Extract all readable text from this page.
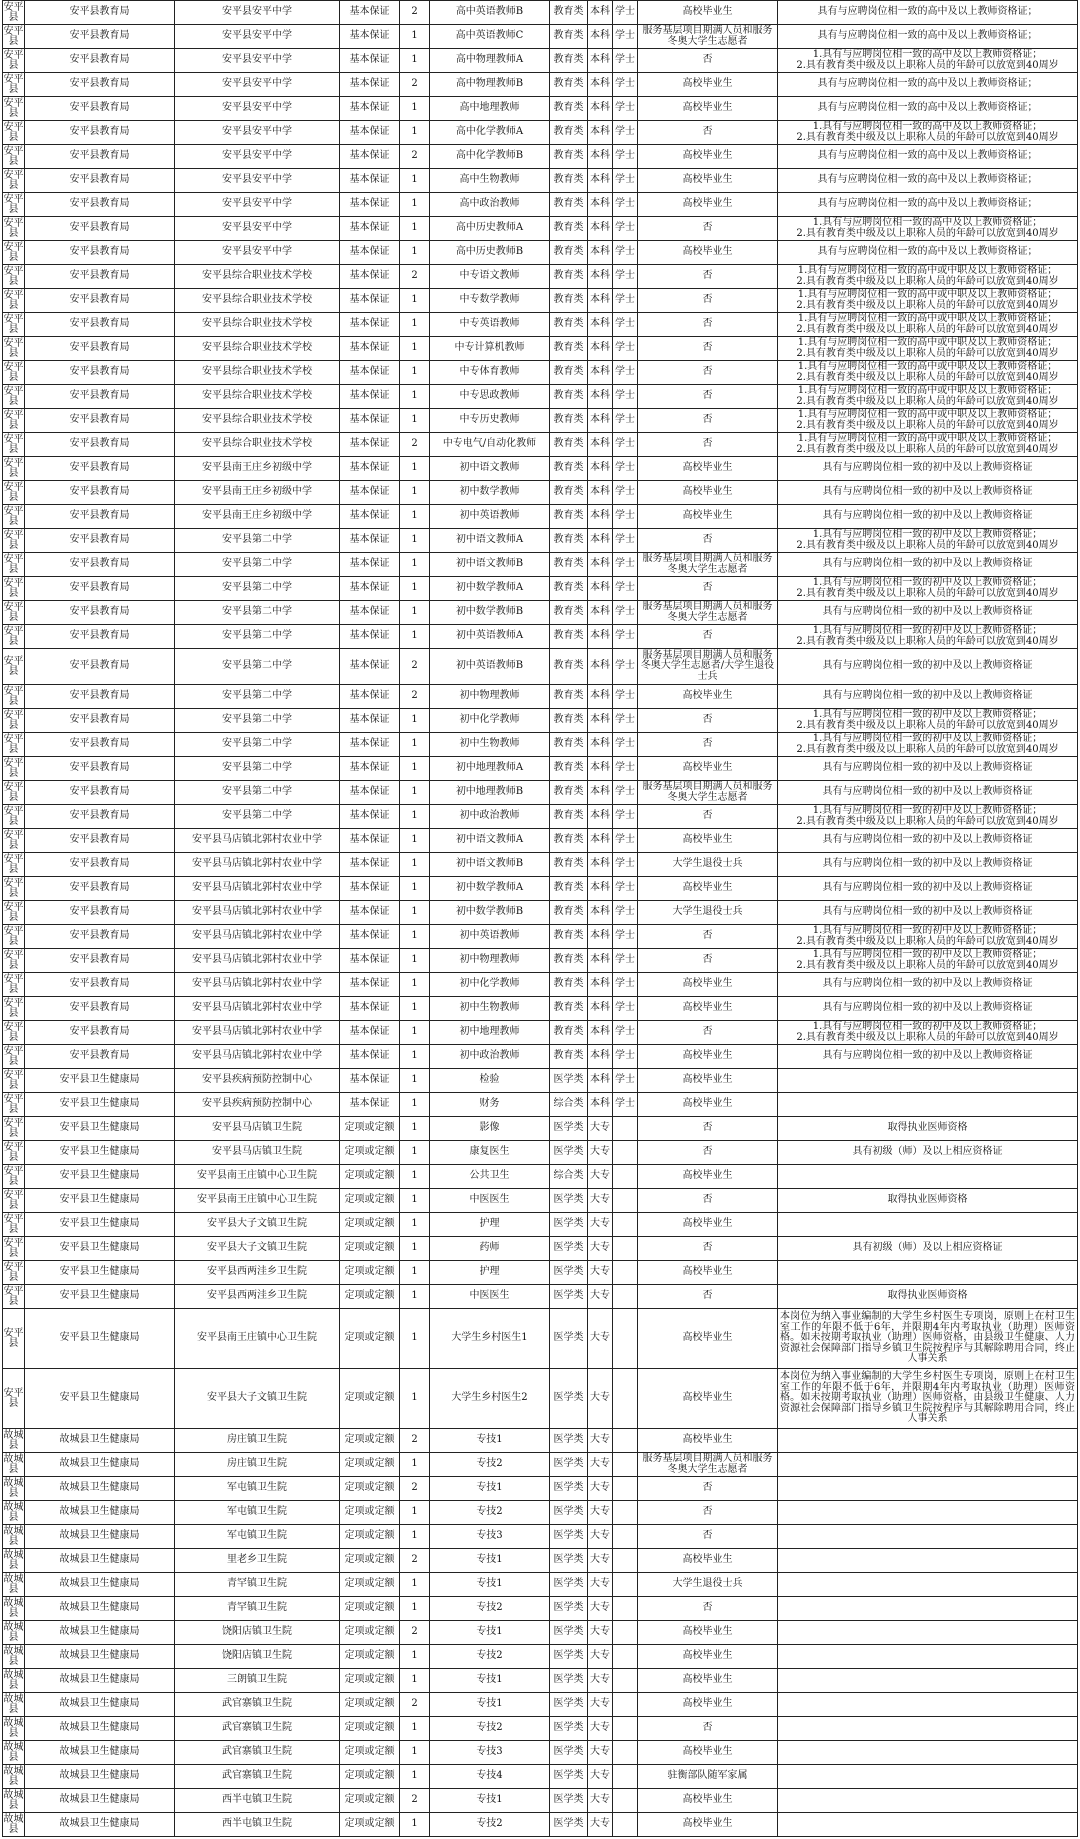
安平县	安平县教育局	安平县安平中学	基本保证	2	高中英语教师B	教育类	本科	学士	高校毕业生	具有与应聘岗位相一致的高中及以上教师资格证；
安平县	安平县教育局	安平县安平中学	基本保证	1	高中英语教师C	教育类	本科	学士	服务基层项目期满人员和服务冬奥大学生志愿者	具有与应聘岗位相一致的高中及以上教师资格证；
安平县	安平县教育局	安平县安平中学	基本保证	1	高中物理教师A	教育类	本科	学士	否	1.具有与应聘岗位相一致的高中及以上教师资格证；
2.具有教育类中级及以上职称人员的年龄可以放宽到40周岁
安平县	安平县教育局	安平县安平中学	基本保证	2	高中物理教师B	教育类	本科	学士	高校毕业生	具有与应聘岗位相一致的高中及以上教师资格证；
安平县	安平县教育局	安平县安平中学	基本保证	1	高中地理教师	教育类	本科	学士	高校毕业生	具有与应聘岗位相一致的高中及以上教师资格证；
安平县	安平县教育局	安平县安平中学	基本保证	1	高中化学教师A	教育类	本科	学士	否	1.具有与应聘岗位相一致的高中及以上教师资格证；
2.具有教育类中级及以上职称人员的年龄可以放宽到40周岁
安平县	安平县教育局	安平县安平中学	基本保证	2	高中化学教师B	教育类	本科	学士	高校毕业生	具有与应聘岗位相一致的高中及以上教师资格证；
安平县	安平县教育局	安平县安平中学	基本保证	1	高中生物教师	教育类	本科	学士	高校毕业生	具有与应聘岗位相一致的高中及以上教师资格证；
安平县	安平县教育局	安平县安平中学	基本保证	1	高中政治教师	教育类	本科	学士	高校毕业生	具有与应聘岗位相一致的高中及以上教师资格证；
安平县	安平县教育局	安平县安平中学	基本保证	1	高中历史教师A	教育类	本科	学士	否	1.具有与应聘岗位相一致的高中及以上教师资格证；
2.具有教育类中级及以上职称人员的年龄可以放宽到40周岁
安平县	安平县教育局	安平县安平中学	基本保证	1	高中历史教师B	教育类	本科	学士	高校毕业生	具有与应聘岗位相一致的高中及以上教师资格证；
安平县	安平县教育局	安平县综合职业技术学校	基本保证	2	中专语文教师	教育类	本科	学士	否	1.具有与应聘岗位相一致的高中或中职及以上教师资格证；
2.具有教育类中级及以上职称人员的年龄可以放宽到40周岁
安平县	安平县教育局	安平县综合职业技术学校	基本保证	1	中专数学教师	教育类	本科	学士	否	1.具有与应聘岗位相一致的高中或中职及以上教师资格证；
2.具有教育类中级及以上职称人员的年龄可以放宽到40周岁
安平县	安平县教育局	安平县综合职业技术学校	基本保证	1	中专英语教师	教育类	本科	学士	否	1.具有与应聘岗位相一致的高中或中职及以上教师资格证；
2.具有教育类中级及以上职称人员的年龄可以放宽到40周岁
安平县	安平县教育局	安平县综合职业技术学校	基本保证	1	中专计算机教师	教育类	本科	学士	否	1.具有与应聘岗位相一致的高中或中职及以上教师资格证；
2.具有教育类中级及以上职称人员的年龄可以放宽到40周岁
安平县	安平县教育局	安平县综合职业技术学校	基本保证	1	中专体育教师	教育类	本科	学士	否	1.具有与应聘岗位相一致的高中或中职及以上教师资格证；
2.具有教育类中级及以上职称人员的年龄可以放宽到40周岁
安平县	安平县教育局	安平县综合职业技术学校	基本保证	1	中专思政教师	教育类	本科	学士	否	1.具有与应聘岗位相一致的高中或中职及以上教师资格证；
2.具有教育类中级及以上职称人员的年龄可以放宽到40周岁
安平县	安平县教育局	安平县综合职业技术学校	基本保证	1	中专历史教师	教育类	本科	学士	否	1.具有与应聘岗位相一致的高中或中职及以上教师资格证；
2.具有教育类中级及以上职称人员的年龄可以放宽到40周岁
安平县	安平县教育局	安平县综合职业技术学校	基本保证	2	中专电气/自动化教师	教育类	本科	学士	否	1.具有与应聘岗位相一致的高中或中职及以上教师资格证；
2.具有教育类中级及以上职称人员的年龄可以放宽到40周岁
安平县	安平县教育局	安平县南王庄乡初级中学	基本保证	1	初中语文教师	教育类	本科	学士	高校毕业生	具有与应聘岗位相一致的初中及以上教师资格证
安平县	安平县教育局	安平县南王庄乡初级中学	基本保证	1	初中数学教师	教育类	本科	学士	高校毕业生	具有与应聘岗位相一致的初中及以上教师资格证
安平县	安平县教育局	安平县南王庄乡初级中学	基本保证	1	初中英语教师	教育类	本科	学士	高校毕业生	具有与应聘岗位相一致的初中及以上教师资格证
安平县	安平县教育局	安平县第二中学	基本保证	1	初中语文教师A	教育类	本科	学士	否	1.具有与应聘岗位相一致的初中及以上教师资格证；
2.具有教育类中级及以上职称人员的年龄可以放宽到40周岁
安平县	安平县教育局	安平县第二中学	基本保证	1	初中语文教师B	教育类	本科	学士	服务基层项目期满人员和服务冬奥大学生志愿者	具有与应聘岗位相一致的初中及以上教师资格证
安平县	安平县教育局	安平县第二中学	基本保证	1	初中数学教师A	教育类	本科	学士	否	1.具有与应聘岗位相一致的初中及以上教师资格证；
2.具有教育类中级及以上职称人员的年龄可以放宽到40周岁
安平县	安平县教育局	安平县第二中学	基本保证	1	初中数学教师B	教育类	本科	学士	服务基层项目期满人员和服务冬奥大学生志愿者	具有与应聘岗位相一致的初中及以上教师资格证
安平县	安平县教育局	安平县第二中学	基本保证	1	初中英语教师A	教育类	本科	学士	否	1.具有与应聘岗位相一致的初中及以上教师资格证；
2.具有教育类中级及以上职称人员的年龄可以放宽到40周岁
安平县	安平县教育局	安平县第二中学	基本保证	2	初中英语教师B	教育类	本科	学士	服务基层项目期满人员和服务冬奥大学生志愿者/大学生退役士兵	具有与应聘岗位相一致的初中及以上教师资格证
安平县	安平县教育局	安平县第二中学	基本保证	2	初中物理教师	教育类	本科	学士	高校毕业生	具有与应聘岗位相一致的初中及以上教师资格证
安平县	安平县教育局	安平县第二中学	基本保证	1	初中化学教师	教育类	本科	学士	否	1.具有与应聘岗位相一致的初中及以上教师资格证；
2.具有教育类中级及以上职称人员的年龄可以放宽到40周岁
安平县	安平县教育局	安平县第二中学	基本保证	1	初中生物教师	教育类	本科	学士	否	1.具有与应聘岗位相一致的初中及以上教师资格证；
2.具有教育类中级及以上职称人员的年龄可以放宽到40周岁
安平县	安平县教育局	安平县第二中学	基本保证	1	初中地理教师A	教育类	本科	学士	高校毕业生	具有与应聘岗位相一致的初中及以上教师资格证
安平县	安平县教育局	安平县第二中学	基本保证	1	初中地理教师B	教育类	本科	学士	服务基层项目期满人员和服务冬奥大学生志愿者	具有与应聘岗位相一致的初中及以上教师资格证
安平县	安平县教育局	安平县第二中学	基本保证	1	初中政治教师	教育类	本科	学士	否	1.具有与应聘岗位相一致的初中及以上教师资格证；
2.具有教育类中级及以上职称人员的年龄可以放宽到40周岁
安平县	安平县教育局	安平县马店镇北郭村农业中学	基本保证	1	初中语文教师A	教育类	本科	学士	高校毕业生	具有与应聘岗位相一致的初中及以上教师资格证
安平县	安平县教育局	安平县马店镇北郭村农业中学	基本保证	1	初中语文教师B	教育类	本科	学士	大学生退役士兵	具有与应聘岗位相一致的初中及以上教师资格证
安平县	安平县教育局	安平县马店镇北郭村农业中学	基本保证	1	初中数学教师A	教育类	本科	学士	高校毕业生	具有与应聘岗位相一致的初中及以上教师资格证
安平县	安平县教育局	安平县马店镇北郭村农业中学	基本保证	1	初中数学教师B	教育类	本科	学士	大学生退役士兵	具有与应聘岗位相一致的初中及以上教师资格证
安平县	安平县教育局	安平县马店镇北郭村农业中学	基本保证	1	初中英语教师	教育类	本科	学士	否	1.具有与应聘岗位相一致的初中及以上教师资格证；
2.具有教育类中级及以上职称人员的年龄可以放宽到40周岁
安平县	安平县教育局	安平县马店镇北郭村农业中学	基本保证	1	初中物理教师	教育类	本科	学士	否	1.具有与应聘岗位相一致的初中及以上教师资格证；
2.具有教育类中级及以上职称人员的年龄可以放宽到40周岁
安平县	安平县教育局	安平县马店镇北郭村农业中学	基本保证	1	初中化学教师	教育类	本科	学士	高校毕业生	具有与应聘岗位相一致的初中及以上教师资格证
安平县	安平县教育局	安平县马店镇北郭村农业中学	基本保证	1	初中生物教师	教育类	本科	学士	高校毕业生	具有与应聘岗位相一致的初中及以上教师资格证
安平县	安平县教育局	安平县马店镇北郭村农业中学	基本保证	1	初中地理教师	教育类	本科	学士	否	1.具有与应聘岗位相一致的初中及以上教师资格证；
2.具有教育类中级及以上职称人员的年龄可以放宽到40周岁
安平县	安平县教育局	安平县马店镇北郭村农业中学	基本保证	1	初中政治教师	教育类	本科	学士	高校毕业生	具有与应聘岗位相一致的初中及以上教师资格证
安平县	安平县卫生健康局	安平县疾病预防控制中心	基本保证	1	检验	医学类	本科	学士	高校毕业生	
安平县	安平县卫生健康局	安平县疾病预防控制中心	基本保证	1	财务	综合类	本科	学士	高校毕业生	
安平县	安平县卫生健康局	安平县马店镇卫生院	定项或定额	1	影像	医学类	大专		否	取得执业医师资格
安平县	安平县卫生健康局	安平县马店镇卫生院	定项或定额	1	康复医生	医学类	大专		否	具有初级（师）及以上相应资格证
安平县	安平县卫生健康局	安平县南王庄镇中心卫生院	定项或定额	1	公共卫生	综合类	大专		高校毕业生	
安平县	安平县卫生健康局	安平县南王庄镇中心卫生院	定项或定额	1	中医医生	医学类	大专		否	取得执业医师资格
安平县	安平县卫生健康局	安平县大子文镇卫生院	定项或定额	1	护理	医学类	大专		高校毕业生	
安平县	安平县卫生健康局	安平县大子文镇卫生院	定项或定额	1	药师	医学类	大专		否	具有初级（师）及以上相应资格证
安平县	安平县卫生健康局	安平县西两洼乡卫生院	定项或定额	1	护理	医学类	大专		高校毕业生	
安平县	安平县卫生健康局	安平县西两洼乡卫生院	定项或定额	1	中医医生	医学类	大专		否	取得执业医师资格
安平县	安平县卫生健康局	安平县南王庄镇中心卫生院	定项或定额	1	大学生乡村医生1	医学类	大专		高校毕业生	本岗位为纳入事业编制的大学生乡村医生专项岗，原则上在村卫生室工作的年限不低于6年，并限期4年内考取执业（助理）医师资格。如未按期考取执业（助理）医师资格，由县级卫生健康、人力资源社会保障部门指导乡镇卫生院按程序与其解除聘用合同，终止人事关系
安平县	安平县卫生健康局	安平县大子文镇卫生院	定项或定额	1	大学生乡村医生2	医学类	大专		高校毕业生	本岗位为纳入事业编制的大学生乡村医生专项岗，原则上在村卫生室工作的年限不低于6年，并限期4年内考取执业（助理）医师资格。如未按期考取执业（助理）医师资格，由县级卫生健康、人力资源社会保障部门指导乡镇卫生院按程序与其解除聘用合同，终止人事关系
故城县	故城县卫生健康局	房庄镇卫生院	定项或定额	2	专技1	医学类	大专		高校毕业生	
故城县	故城县卫生健康局	房庄镇卫生院	定项或定额	1	专技2	医学类	大专		服务基层项目期满人员和服务冬奥大学生志愿者	
故城县	故城县卫生健康局	军屯镇卫生院	定项或定额	2	专技1	医学类	大专		否	
故城县	故城县卫生健康局	军屯镇卫生院	定项或定额	1	专技2	医学类	大专		否	
故城县	故城县卫生健康局	军屯镇卫生院	定项或定额	1	专技3	医学类	大专		否	
故城县	故城县卫生健康局	里老乡卫生院	定项或定额	2	专技1	医学类	大专		高校毕业生	
故城县	故城县卫生健康局	青罕镇卫生院	定项或定额	1	专技1	医学类	大专		大学生退役士兵	
故城县	故城县卫生健康局	青罕镇卫生院	定项或定额	1	专技2	医学类	大专		否	
故城县	故城县卫生健康局	饶阳店镇卫生院	定项或定额	2	专技1	医学类	大专		高校毕业生	
故城县	故城县卫生健康局	饶阳店镇卫生院	定项或定额	1	专技2	医学类	大专		高校毕业生	
故城县	故城县卫生健康局	三朗镇卫生院	定项或定额	1	专技1	医学类	大专		高校毕业生	
故城县	故城县卫生健康局	武官寨镇卫生院	定项或定额	2	专技1	医学类	大专		高校毕业生	
故城县	故城县卫生健康局	武官寨镇卫生院	定项或定额	1	专技2	医学类	大专		否	
故城县	故城县卫生健康局	武官寨镇卫生院	定项或定额	1	专技3	医学类	大专		高校毕业生	
故城县	故城县卫生健康局	武官寨镇卫生院	定项或定额	1	专技4	医学类	大专		驻衡部队随军家属	
故城县	故城县卫生健康局	西半屯镇卫生院	定项或定额	2	专技1	医学类	大专		高校毕业生	
故城县	故城县卫生健康局	西半屯镇卫生院	定项或定额	1	专技2	医学类	大专		高校毕业生	
